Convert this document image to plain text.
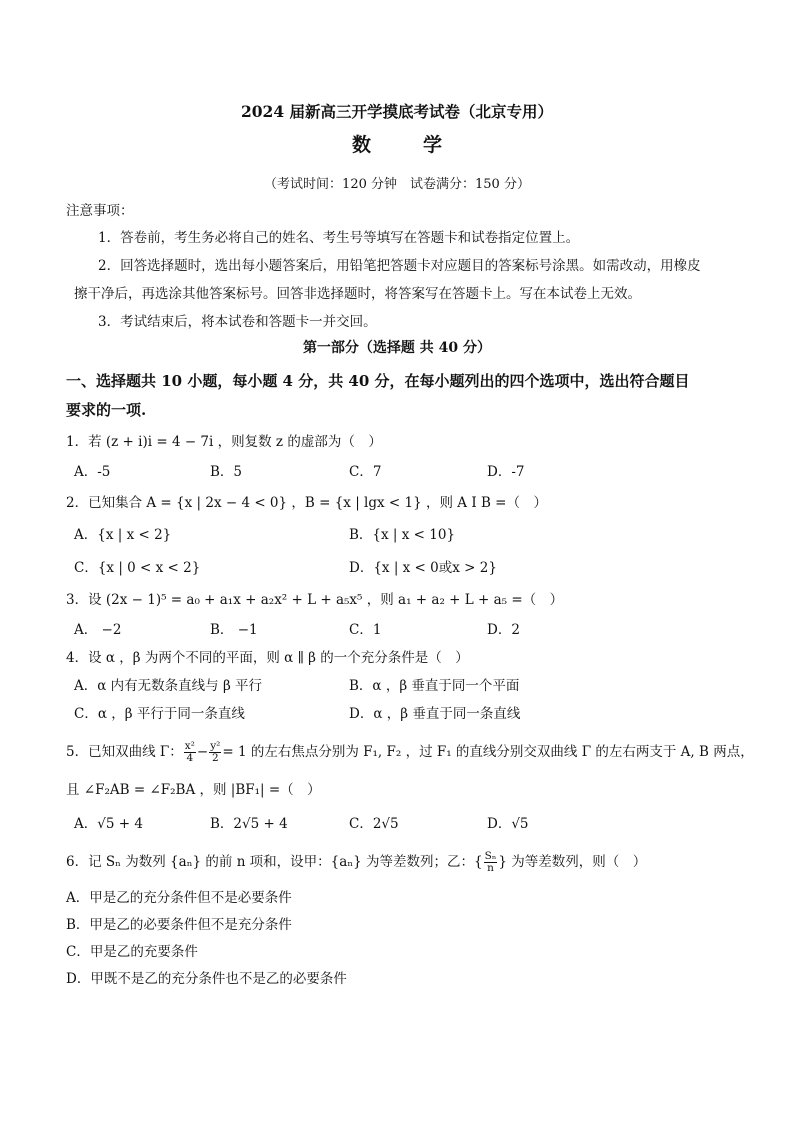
2024 届新高三开学摸底考试卷（北京专用）
数	学
（考试时间：120 分钟　试卷满分：150 分）
注意事项：
1．答卷前，考生务必将自己的姓名、考生号等填写在答题卡和试卷指定位置上。
2．回答选择题时，选出每小题答案后，用铅笔把答题卡对应题目的答案标号涂黑。如需改动，用橡皮
擦干净后，再选涂其他答案标号。回答非选择题时，将答案写在答题卡上。写在本试卷上无效。
3．考试结束后，将本试卷和答题卡一并交回。
第一部分（选择题 共 40 分）
一、选择题共 10 小题，每小题 4 分，共 40 分，在每小题列出的四个选项中，选出符合题目
要求的一项.
1．若 (z + i)i = 4 − 7i ，则复数 z 的虚部为（　）
A．-5	B．5	C．7	D．-7
2．已知集合 A = {x | 2x − 4 < 0} ，B = {x | lgx < 1} ，则 A I B =（　）
A．{x | x < 2}	B．{x | x < 10}
C．{x | 0 < x < 2}	D．{x | x < 0或x > 2}
3．设 (2x − 1)⁵ = a₀ + a₁x + a₂x² + L + a₅x⁵ ，则 a₁ + a₂ + L + a₅ =（　）
A． −2	B． −1	C．1	D．2
4．设 α ，β 为两个不同的平面，则 α ∥ β 的一个充分条件是（　）
A．α 内有无数条直线与 β 平行	B．α ，β 垂直于同一个平面
C．α ，β 平行于同一条直线	D．α ，β 垂直于同一条直线
5．已知双曲线 Γ： $\frac{\text{x²}}{4} - \frac{\text{y²}}{2} = 1$ 的左右焦点分别为 F₁, F₂ ，过 F₁ 的直线分别交双曲线 Γ 的左右两支于 A, B 两点，
且 ∠F₂AB = ∠F₂BA ，则 |BF₁| =（　）
A．√5 + 4	B．2√5 + 4	C．2√5	D．√5
6．记 Sₙ 为数列 {aₙ} 的前 n 项和，设甲：{aₙ} 为等差数列；乙：{ $\frac{\text{Sₙ}}{n}$ } 为等差数列，则（　）
A．甲是乙的充分条件但不是必要条件
B．甲是乙的必要条件但不是充分条件
C．甲是乙的充要条件
D．甲既不是乙的充分条件也不是乙的必要条件
